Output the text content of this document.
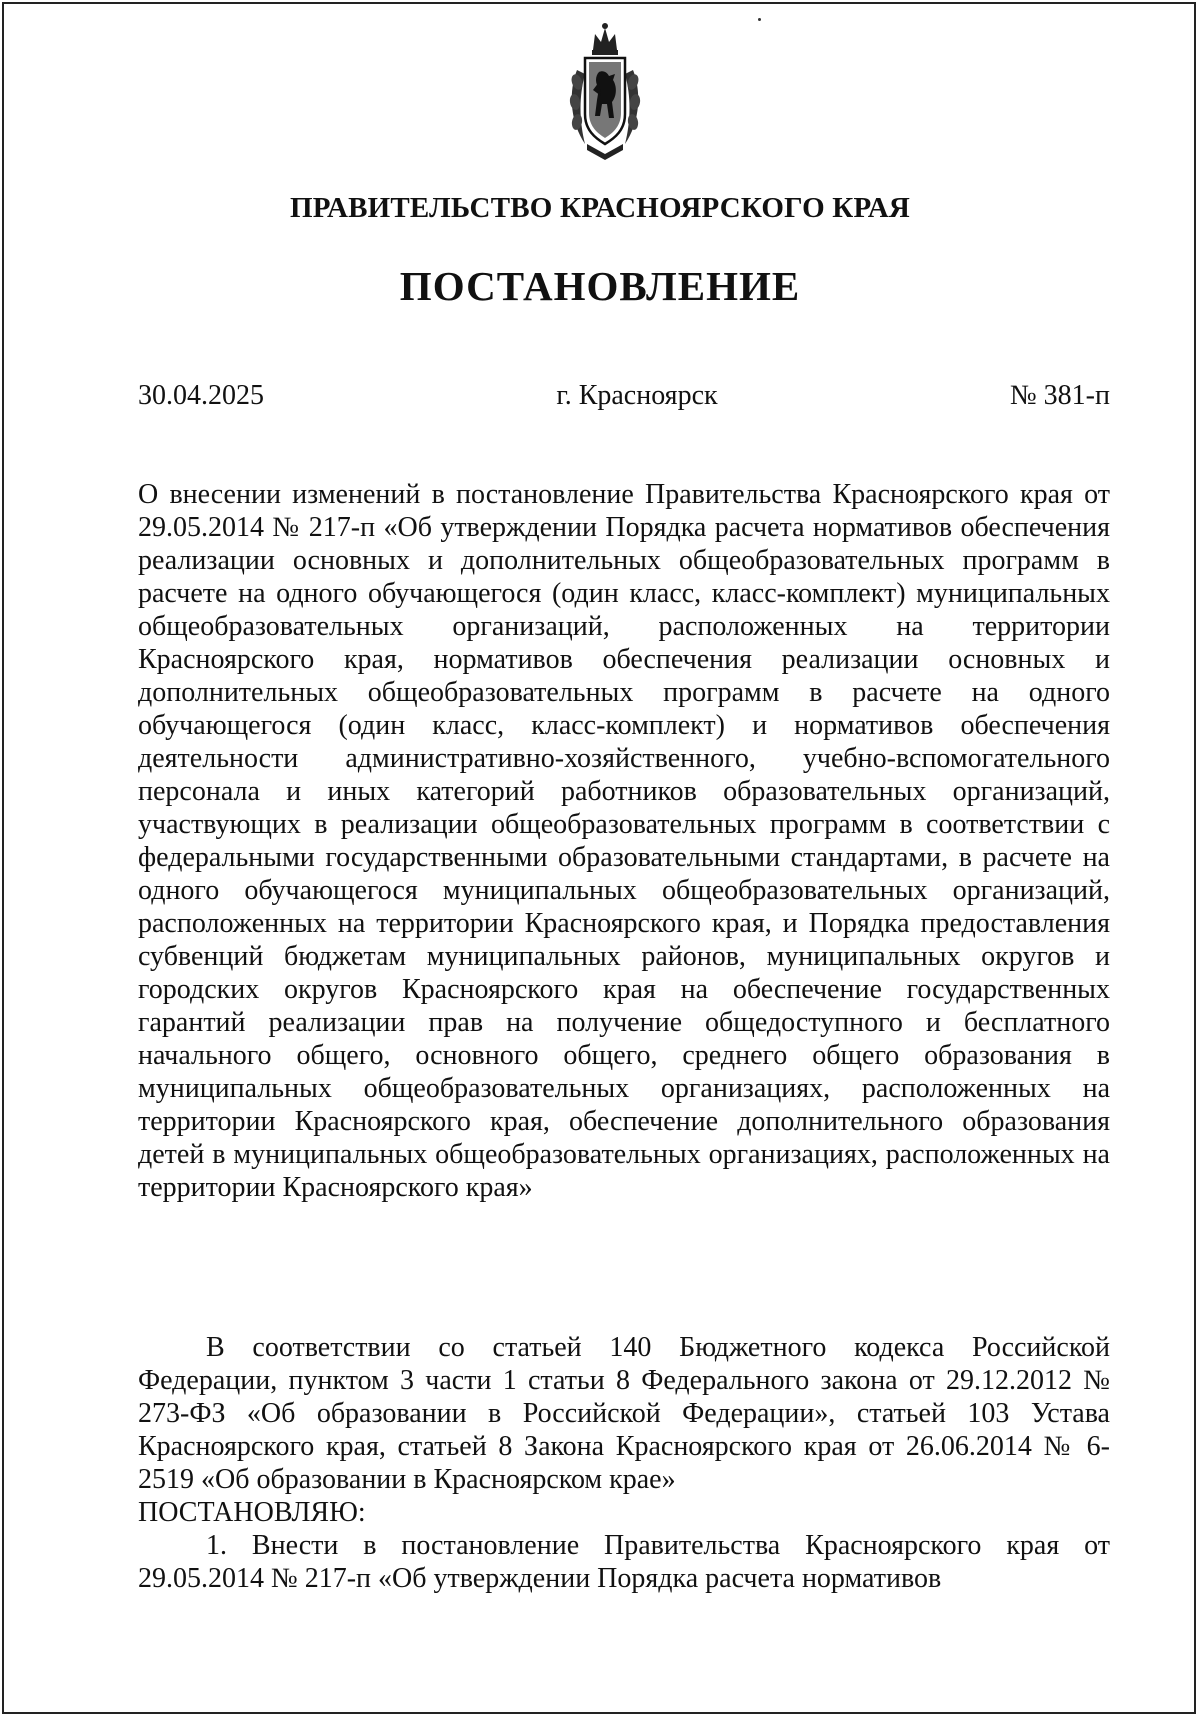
ПРАВИТЕЛЬСТВО КРАСНОЯРСКОГО КРАЯ
ПОСТАНОВЛЕНИЕ
30.04.2025	г. Красноярск	№ 381-п
О внесении изменений в постановление Правительства Красноярского края от 29.05.2014 № 217-п «Об утверждении Порядка расчета нормативов обеспечения реализации основных и дополнительных общеобразовательных программ в расчете на одного обучающегося (один класс, класс-комплект) муниципальных общеобразовательных организаций, расположенных на территории Красноярского края, нормативов обеспечения реализации основных и дополнительных общеобразовательных программ в расчете на одного обучающегося (один класс, класс-комплект) и нормативов обеспечения деятельности административно-хозяйственного, учебно-вспомогательного персонала и иных категорий работников образовательных организаций, участвующих в реализации общеобразовательных программ в соответствии с федеральными государственными образовательными стандартами, в расчете на одного обучающегося муниципальных общеобразовательных организаций, расположенных на территории Красноярского края, и Порядка предоставления субвенций бюджетам муниципальных районов, муниципальных округов и городских округов Красноярского края на обеспечение государственных гарантий реализации прав на получение общедоступного и бесплатного начального общего, основного общего, среднего общего образования в муниципальных общеобразовательных организациях, расположенных на территории Красноярского края, обеспечение дополнительного образования детей в муниципальных общеобразовательных организациях, расположенных на территории Красноярского края»

В соответствии со статьей 140 Бюджетного кодекса Российской Федерации, пунктом 3 части 1 статьи 8 Федерального закона от 29.12.2012 № 273-ФЗ «Об образовании в Российской Федерации», статьей 103 Устава Красноярского края, статьей 8 Закона Красноярского края от 26.06.2014 № 6-2519 «Об образовании в Красноярском крае»

ПОСТАНОВЛЯЮ:

1. Внести в постановление Правительства Красноярского края от 29.05.2014 № 217-п «Об утверждении Порядка расчета нормативов
